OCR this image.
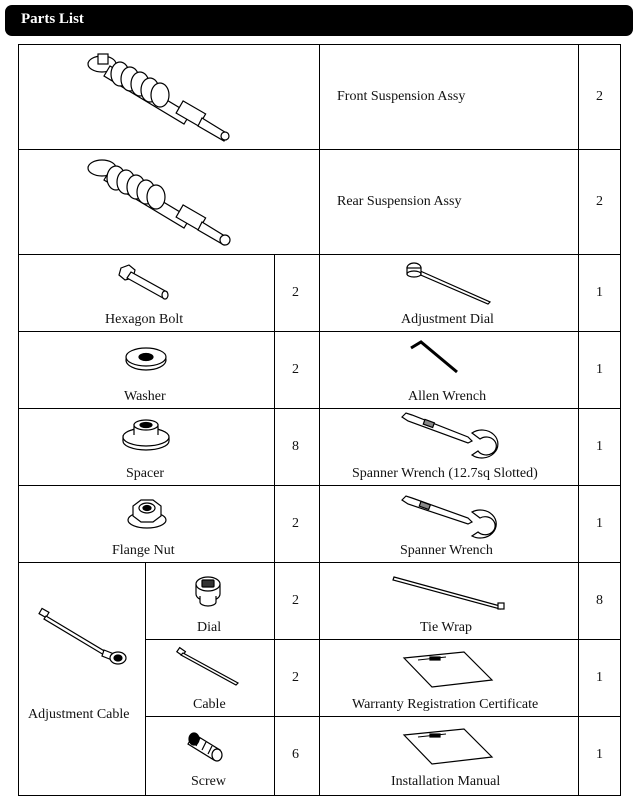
Parts List
Front Suspension Assy	2
Rear Suspension Assy	2
Hexagon Bolt
2
Adjustment Dial
1
Washer
2
Allen Wrench
1
Spacer
8
Spanner Wrench (12.7sq Slotted)
1
Flange Nut
2
Spanner Wrench
1
Adjustment Cable
Dial
2
Tie Wrap
8
Cable
2
Warranty Registration Certificate
1
Screw
6
Installation Manual
1
